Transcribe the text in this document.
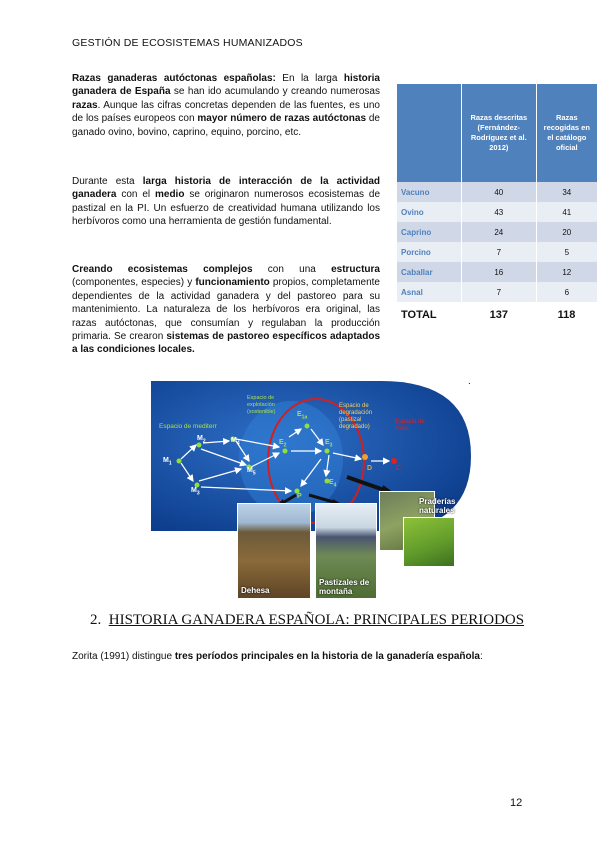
GESTIÓN DE ECOSISTEMAS HUMANIZADOS

Razas ganaderas autóctonas españolas: En la larga historia ganadera de España se han ido acumulando y creando numerosas razas. Aunque las cifras concretas dependen de las fuentes, es uno de los países europeos con mayor número de razas autóctonas de ganado ovino, bovino, caprino, equino, porcino, etc.

Durante esta larga historia de interacción de la actividad ganadera con el medio se originaron numerosos ecosistemas de pastizal en la PI. Un esfuerzo de creatividad humana utilizando los herbívoros como una herramienta de gestión fundamental.

Creando ecosistemas complejos con una estructura (componentes, especies) y funcionamiento propios, completamente dependientes de la actividad ganadera y del pastoreo para su mantenimiento. La naturaleza de los herbívoros era original, las razas autóctonas, que consumían y regulaban la producción primaria. Se crearon sistemas de pastoreo específicos adaptados a las condiciones locales.

	Razas descritas (Fernández-Rodríguez et al. 2012)	Razas recogidas en el catálogo oficial
Vacuno	40	34
Ovino	43	41
Caprino	24	20
Porcino	7	5
Caballar	16	12
Asnal	7	6
TOTAL	137	118
.
Espacio de mediterr
Espacio de explotación (sostenible)
Espacio de degradación (pastizal degradado)
Espacio de crisis
$M_1$
$M_2$
$M_3$
$M_4$
$M_5$
$E_{1a}$
$E_2$	$E_3$
$E_4$
P
D	C
Dehesa
Pastizales de montaña
Praderías naturales
2. HISTORIA GANADERA ESPAÑOLA: PRINCIPALES PERIODOS
Zorita (1991) distingue tres períodos principales en la historia de la ganadería española:
12
